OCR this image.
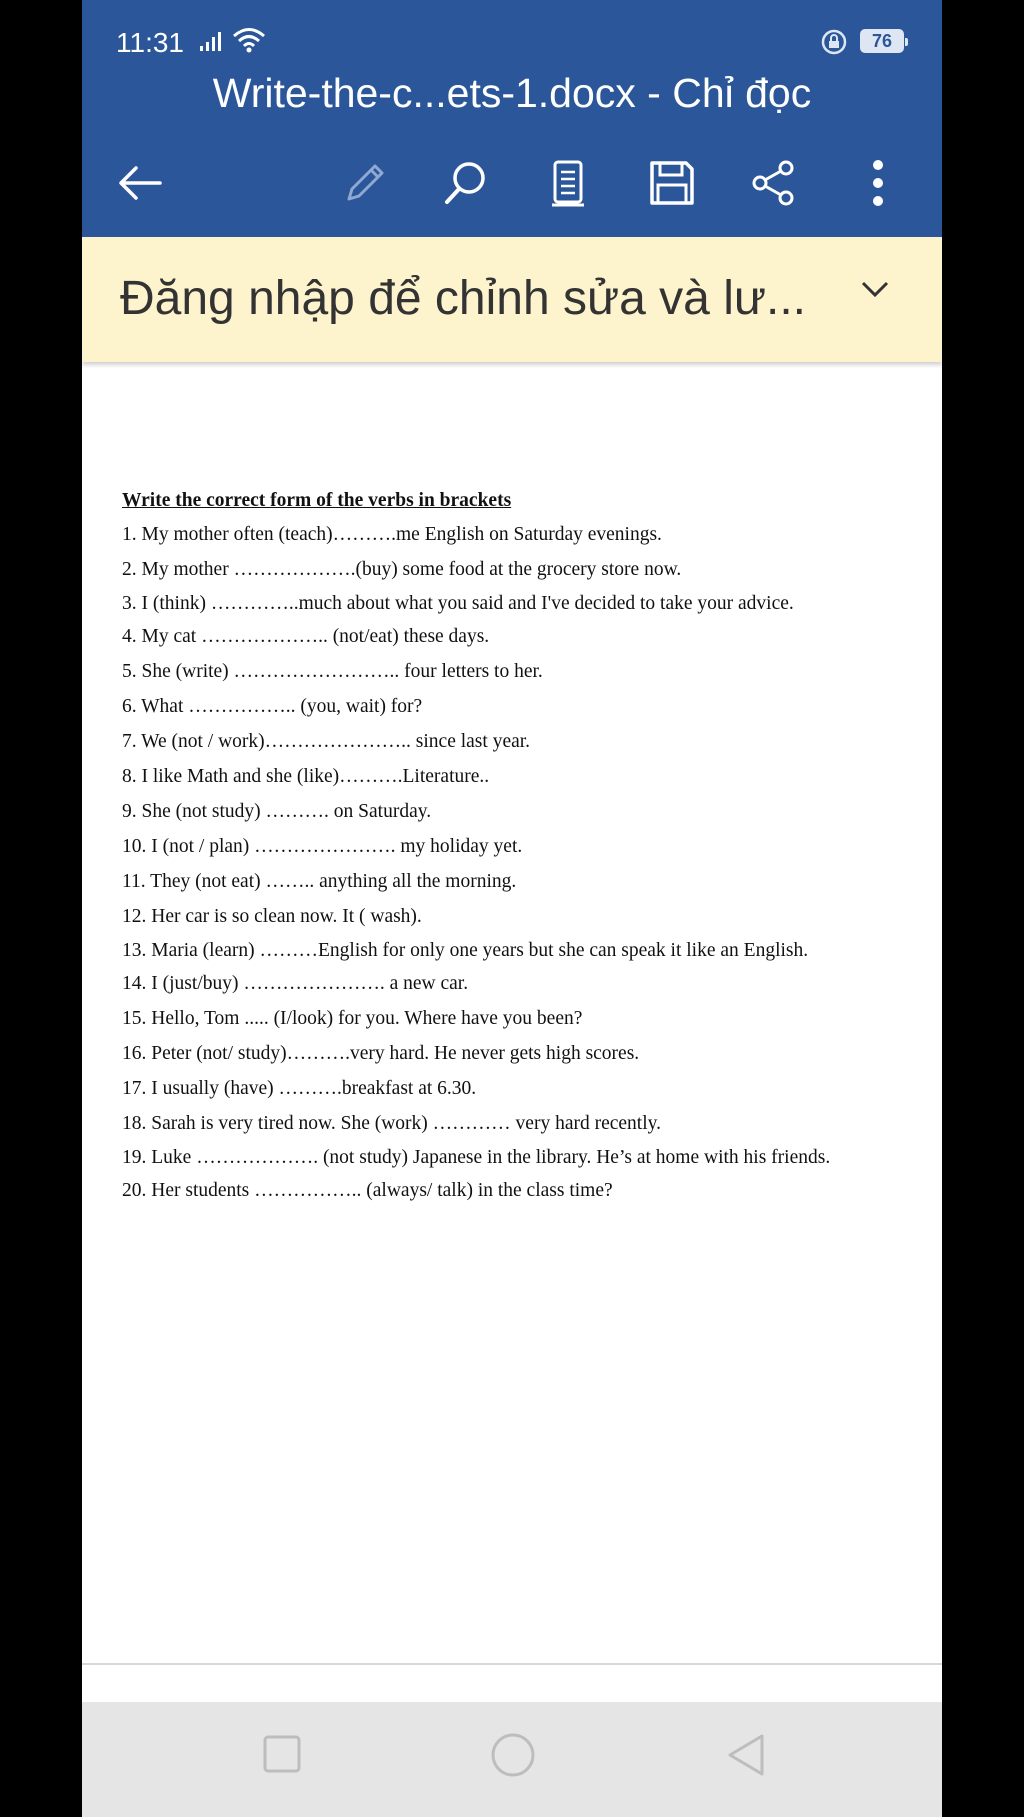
11:31	76
Write-the-c...ets-1.docx - Chỉ đọc
Đăng nhập để chỉnh sửa và lư...
Write the correct form of the verbs in brackets
1. My mother often (teach)……….me English on Saturday evenings.
2. My mother ……………….(buy) some food at the grocery store now.
3. I (think) …………..much about what you said and I've decided to take your advice.
4. My cat ……………….. (not/eat) these days.
5. She (write) …………………….. four letters to her.
6. What …………….. (you, wait) for?
7. We (not / work)………………….. since last year.
8. I like Math and she (like)……….Literature..
9. She (not study) ………. on Saturday.
10. I (not / plan) …………………. my holiday yet.
11. They (not eat) …….. anything all the morning.
12. Her car is so clean now. It ( wash).
13. Maria (learn) ………English for only one years but she can speak it like an English.
14. I (just/buy) …………………. a new car.
15. Hello, Tom ..... (I/look) for you. Where have you been?
16. Peter (not/ study)……….very hard. He never gets high scores.
17. I usually (have) ……….breakfast at 6.30.
18. Sarah is very tired now. She (work) ………… very hard recently.
19. Luke ………………. (not study) Japanese in the library. He’s at home with his friends.
20. Her students …………….. (always/ talk) in the class time?
